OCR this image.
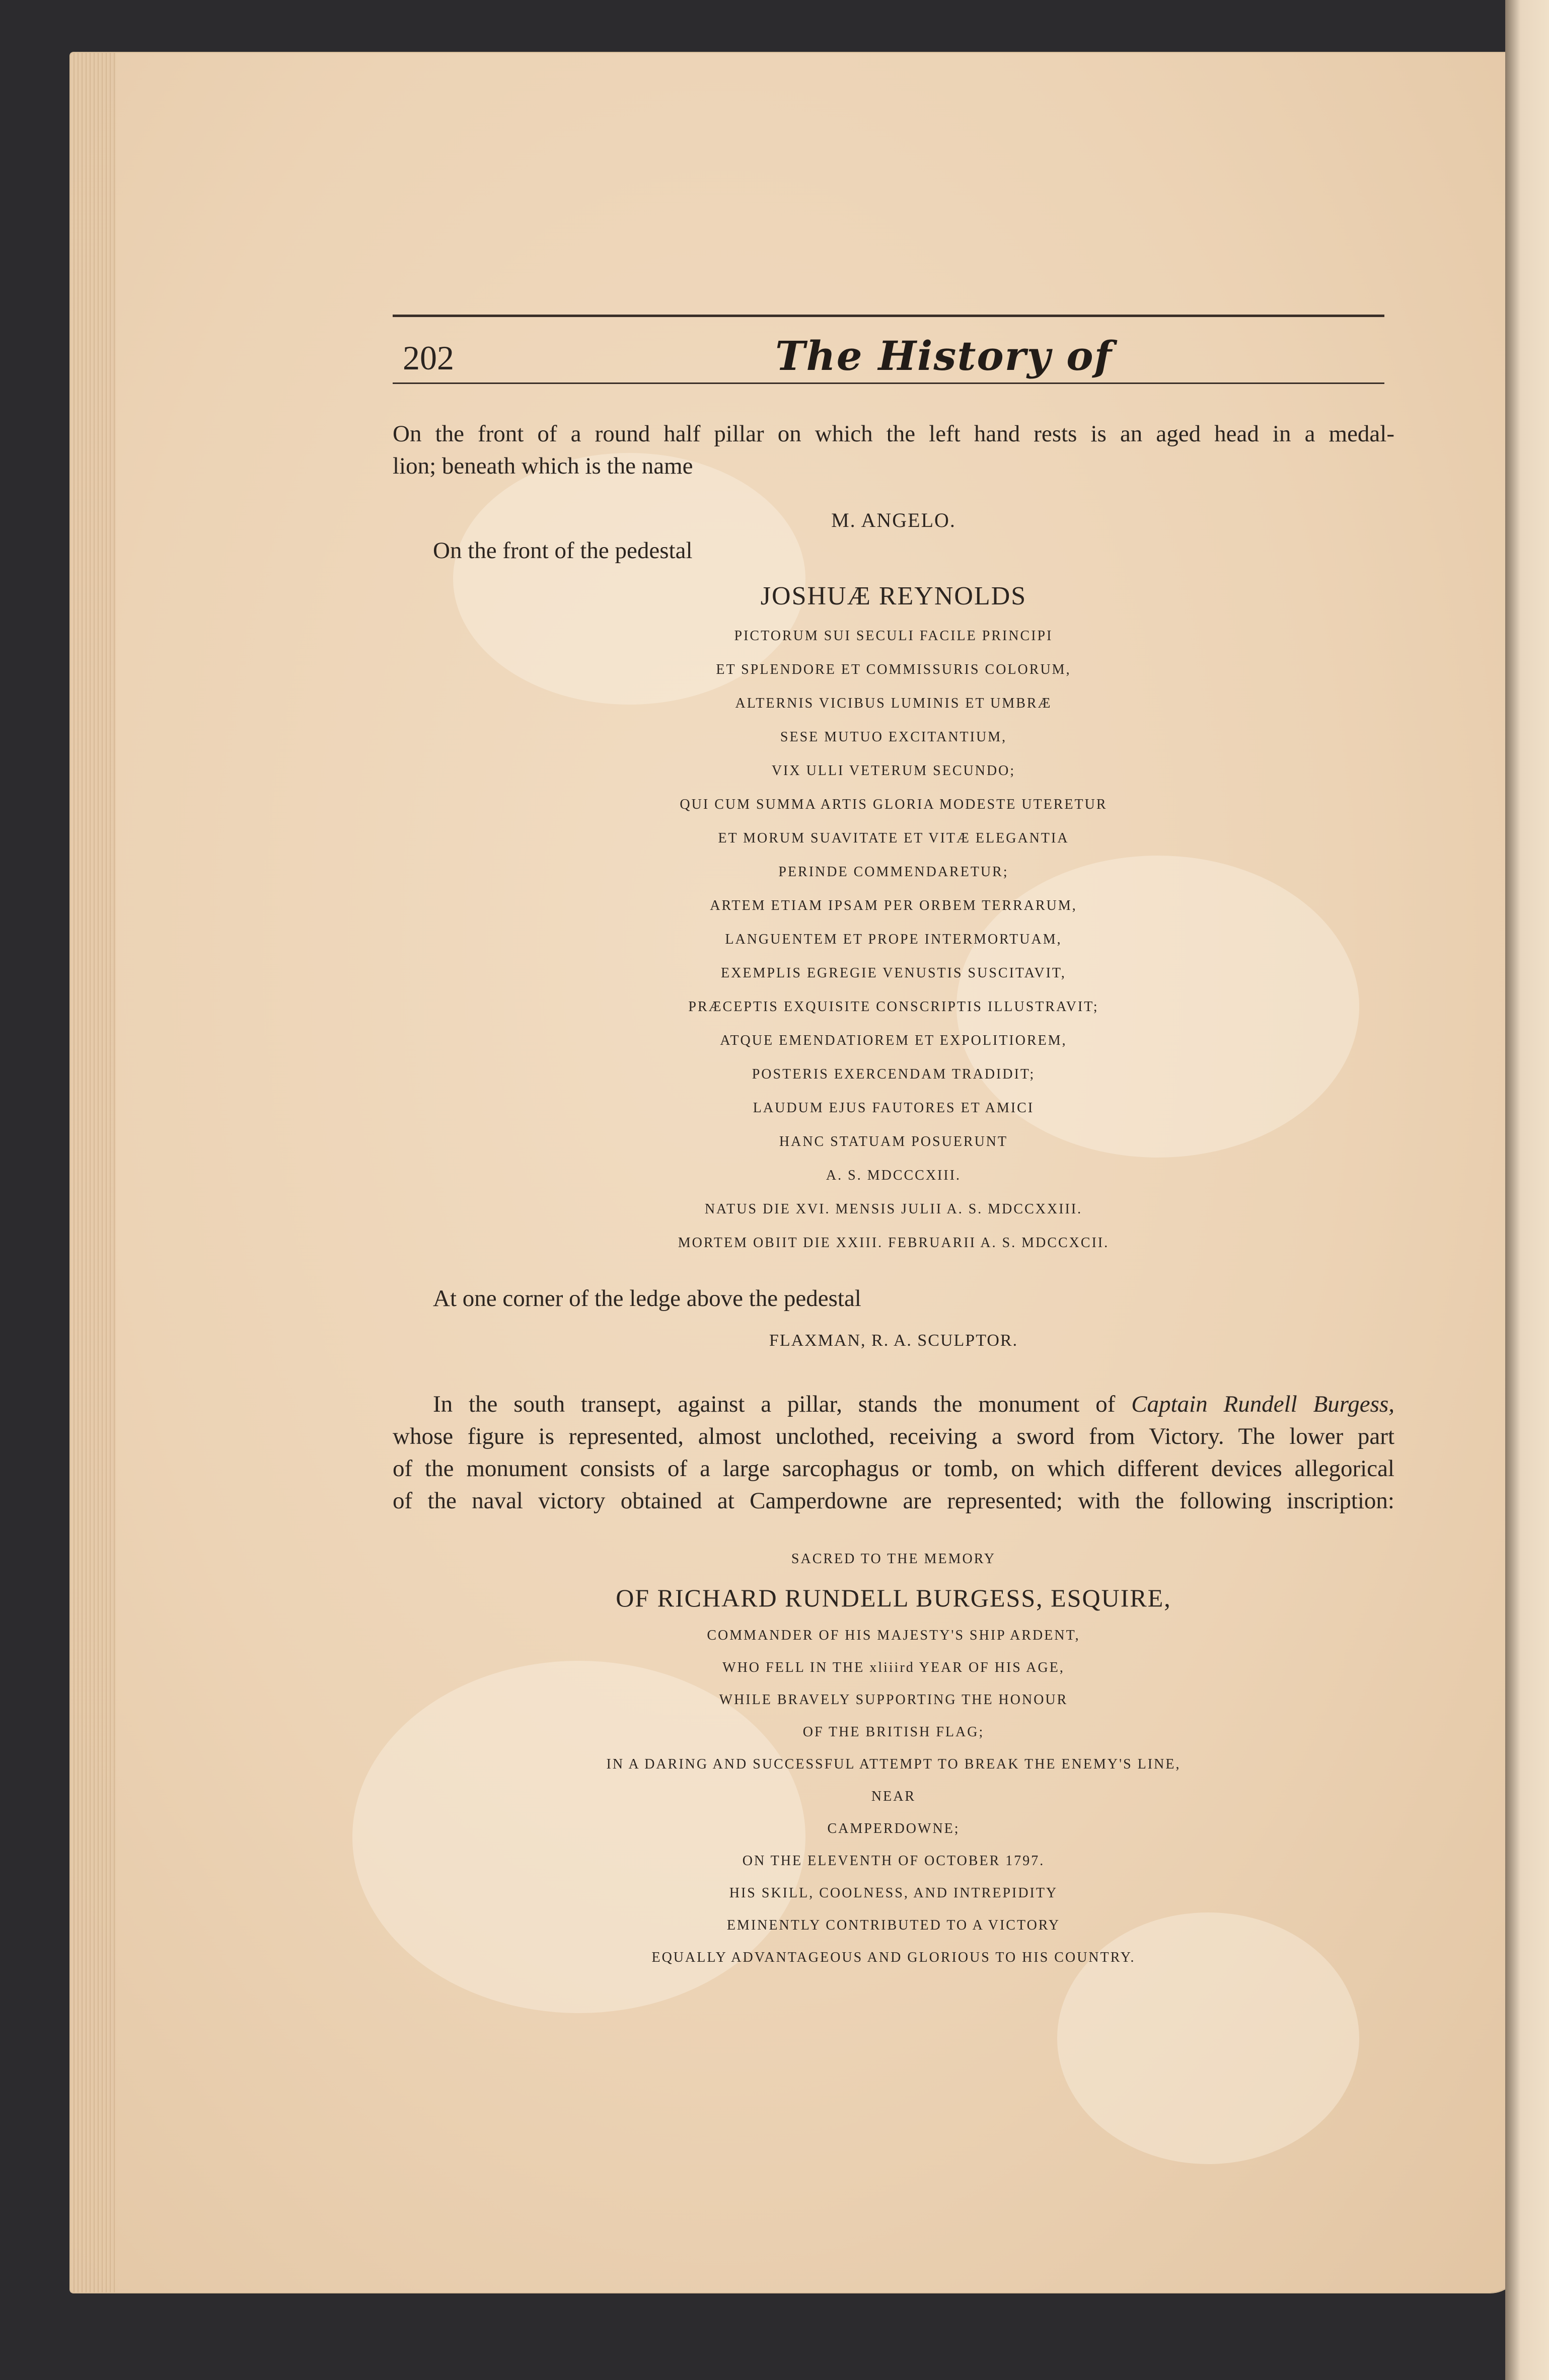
202	The History of
On the front of a round half pillar on which the left hand rests is an aged head in a medal-
lion; beneath which is the name
M. ANGELO.
On the front of the pedestal
JOSHUÆ REYNOLDS
PICTORUM SUI SECULI FACILE PRINCIPI
ET SPLENDORE ET COMMISSURIS COLORUM,
ALTERNIS VICIBUS LUMINIS ET UMBRÆ
SESE MUTUO EXCITANTIUM,
VIX ULLI VETERUM SECUNDO;
QUI CUM SUMMA ARTIS GLORIA MODESTE UTERETUR
ET MORUM SUAVITATE ET VITÆ ELEGANTIA
PERINDE COMMENDARETUR;
ARTEM ETIAM IPSAM PER ORBEM TERRARUM,
LANGUENTEM ET PROPE INTERMORTUAM,
EXEMPLIS EGREGIE VENUSTIS SUSCITAVIT,
PRÆCEPTIS EXQUISITE CONSCRIPTIS ILLUSTRAVIT;
ATQUE EMENDATIOREM ET EXPOLITIOREM,
POSTERIS EXERCENDAM TRADIDIT;
LAUDUM EJUS FAUTORES ET AMICI
HANC STATUAM POSUERUNT
A. S. MDCCCXIII.
NATUS DIE XVI. MENSIS JULII A. S. MDCCXXIII.
MORTEM OBIIT DIE XXIII. FEBRUARII A. S. MDCCXCII.
At one corner of the ledge above the pedestal
FLAXMAN, R. A. SCULPTOR.
In the south transept, against a pillar, stands the monument of Captain Rundell Burgess,
whose figure is represented, almost unclothed, receiving a sword from Victory. The lower part
of the monument consists of a large sarcophagus or tomb, on which different devices allegorical
of the naval victory obtained at Camperdowne are represented; with the following inscription:
SACRED TO THE MEMORY
OF RICHARD RUNDELL BURGESS, ESQUIRE,
COMMANDER OF HIS MAJESTY'S SHIP ARDENT,
WHO FELL IN THE xliiird YEAR OF HIS AGE,
WHILE BRAVELY SUPPORTING THE HONOUR
OF THE BRITISH FLAG;
IN A DARING AND SUCCESSFUL ATTEMPT TO BREAK THE ENEMY'S LINE,
NEAR
CAMPERDOWNE;
ON THE ELEVENTH OF OCTOBER 1797.
HIS SKILL, COOLNESS, AND INTREPIDITY
EMINENTLY CONTRIBUTED TO A VICTORY
EQUALLY ADVANTAGEOUS AND GLORIOUS TO HIS COUNTRY.
